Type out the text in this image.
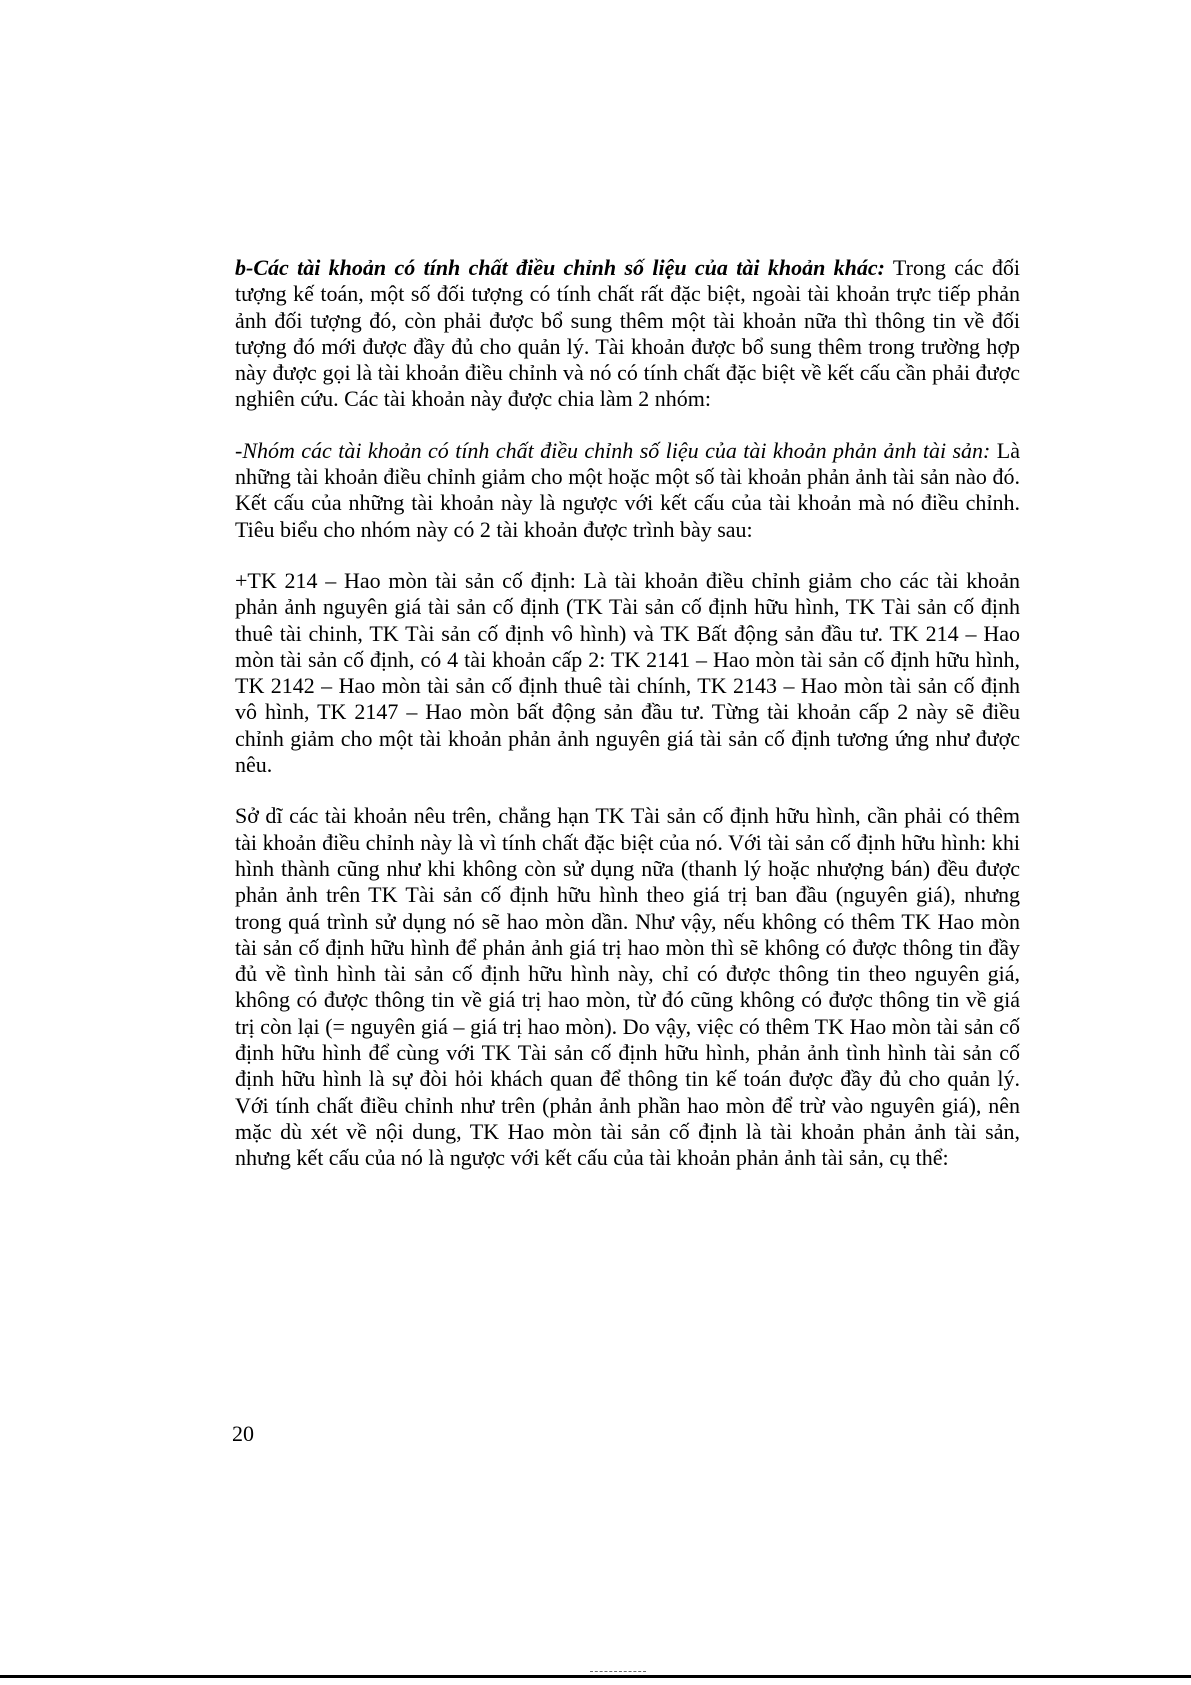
b-Các tài khoản có tính chất điều chỉnh số liệu của tài khoản khác: Trong các đối tượng kế toán, một số đối tượng có tính chất rất đặc biệt, ngoài tài khoản trực tiếp phản ảnh đối tượng đó, còn phải được bổ sung thêm một tài khoản nữa thì thông tin về đối tượng đó mới được đầy đủ cho quản lý. Tài khoản được bổ sung thêm trong trường hợp này được gọi là tài khoản điều chỉnh và nó có tính chất đặc biệt về kết cấu cần phải được nghiên cứu. Các tài khoản này được chia làm 2 nhóm:

-Nhóm các tài khoản có tính chất điều chỉnh số liệu của tài khoản phản ảnh tài sản: Là những tài khoản điều chỉnh giảm cho một hoặc một số tài khoản phản ảnh tài sản nào đó. Kết cấu của những tài khoản này là ngược với kết cấu của tài khoản mà nó điều chỉnh. Tiêu biểu cho nhóm này có 2 tài khoản được trình bày sau:

+TK 214 – Hao mòn tài sản cố định: Là tài khoản điều chỉnh giảm cho các tài khoản phản ảnh nguyên giá tài sản cố định (TK Tài sản cố định hữu hình, TK Tài sản cố định thuê tài chinh, TK Tài sản cố định vô hình) và TK Bất động sản đầu tư. TK 214 – Hao mòn tài sản cố định, có 4 tài khoản cấp 2: TK 2141 – Hao mòn tài sản cố định hữu hình, TK 2142 – Hao mòn tài sản cố định thuê tài chính, TK 2143 – Hao mòn tài sản cố định vô hình, TK 2147 – Hao mòn bất động sản đầu tư. Từng tài khoản cấp 2 này sẽ điều chỉnh giảm cho một tài khoản phản ảnh nguyên giá tài sản cố định tương ứng như được nêu.

Sở dĩ các tài khoản nêu trên, chẳng hạn TK Tài sản cố định hữu hình, cần phải có thêm tài khoản điều chỉnh này là vì tính chất đặc biệt của nó. Với tài sản cố định hữu hình: khi hình thành cũng như khi không còn sử dụng nữa (thanh lý hoặc nhượng bán) đều được phản ảnh trên TK Tài sản cố định hữu hình theo giá trị ban đầu (nguyên giá), nhưng trong quá trình sử dụng nó sẽ hao mòn dần. Như vậy, nếu không có thêm TK Hao mòn tài sản cố định hữu hình để phản ảnh giá trị hao mòn thì sẽ không có được thông tin đầy đủ về tình hình tài sản cố định hữu hình này, chỉ có được thông tin theo nguyên giá, không có được thông tin về giá trị hao mòn, từ đó cũng không có được thông tin về giá trị còn lại (= nguyên giá – giá trị hao mòn). Do vậy, việc có thêm TK Hao mòn tài sản cố định hữu hình để cùng với TK Tài sản cố định hữu hình, phản ảnh tình hình tài sản cố định hữu hình là sự đòi hỏi khách quan để thông tin kế toán được đầy đủ cho quản lý. Với tính chất điều chỉnh như trên (phản ảnh phần hao mòn để trừ vào nguyên giá), nên mặc dù xét về nội dung, TK Hao mòn tài sản cố định là tài khoản phản ảnh tài sản, nhưng kết cấu của nó là ngược với kết cấu của tài khoản phản ảnh tài sản, cụ thể:

20
